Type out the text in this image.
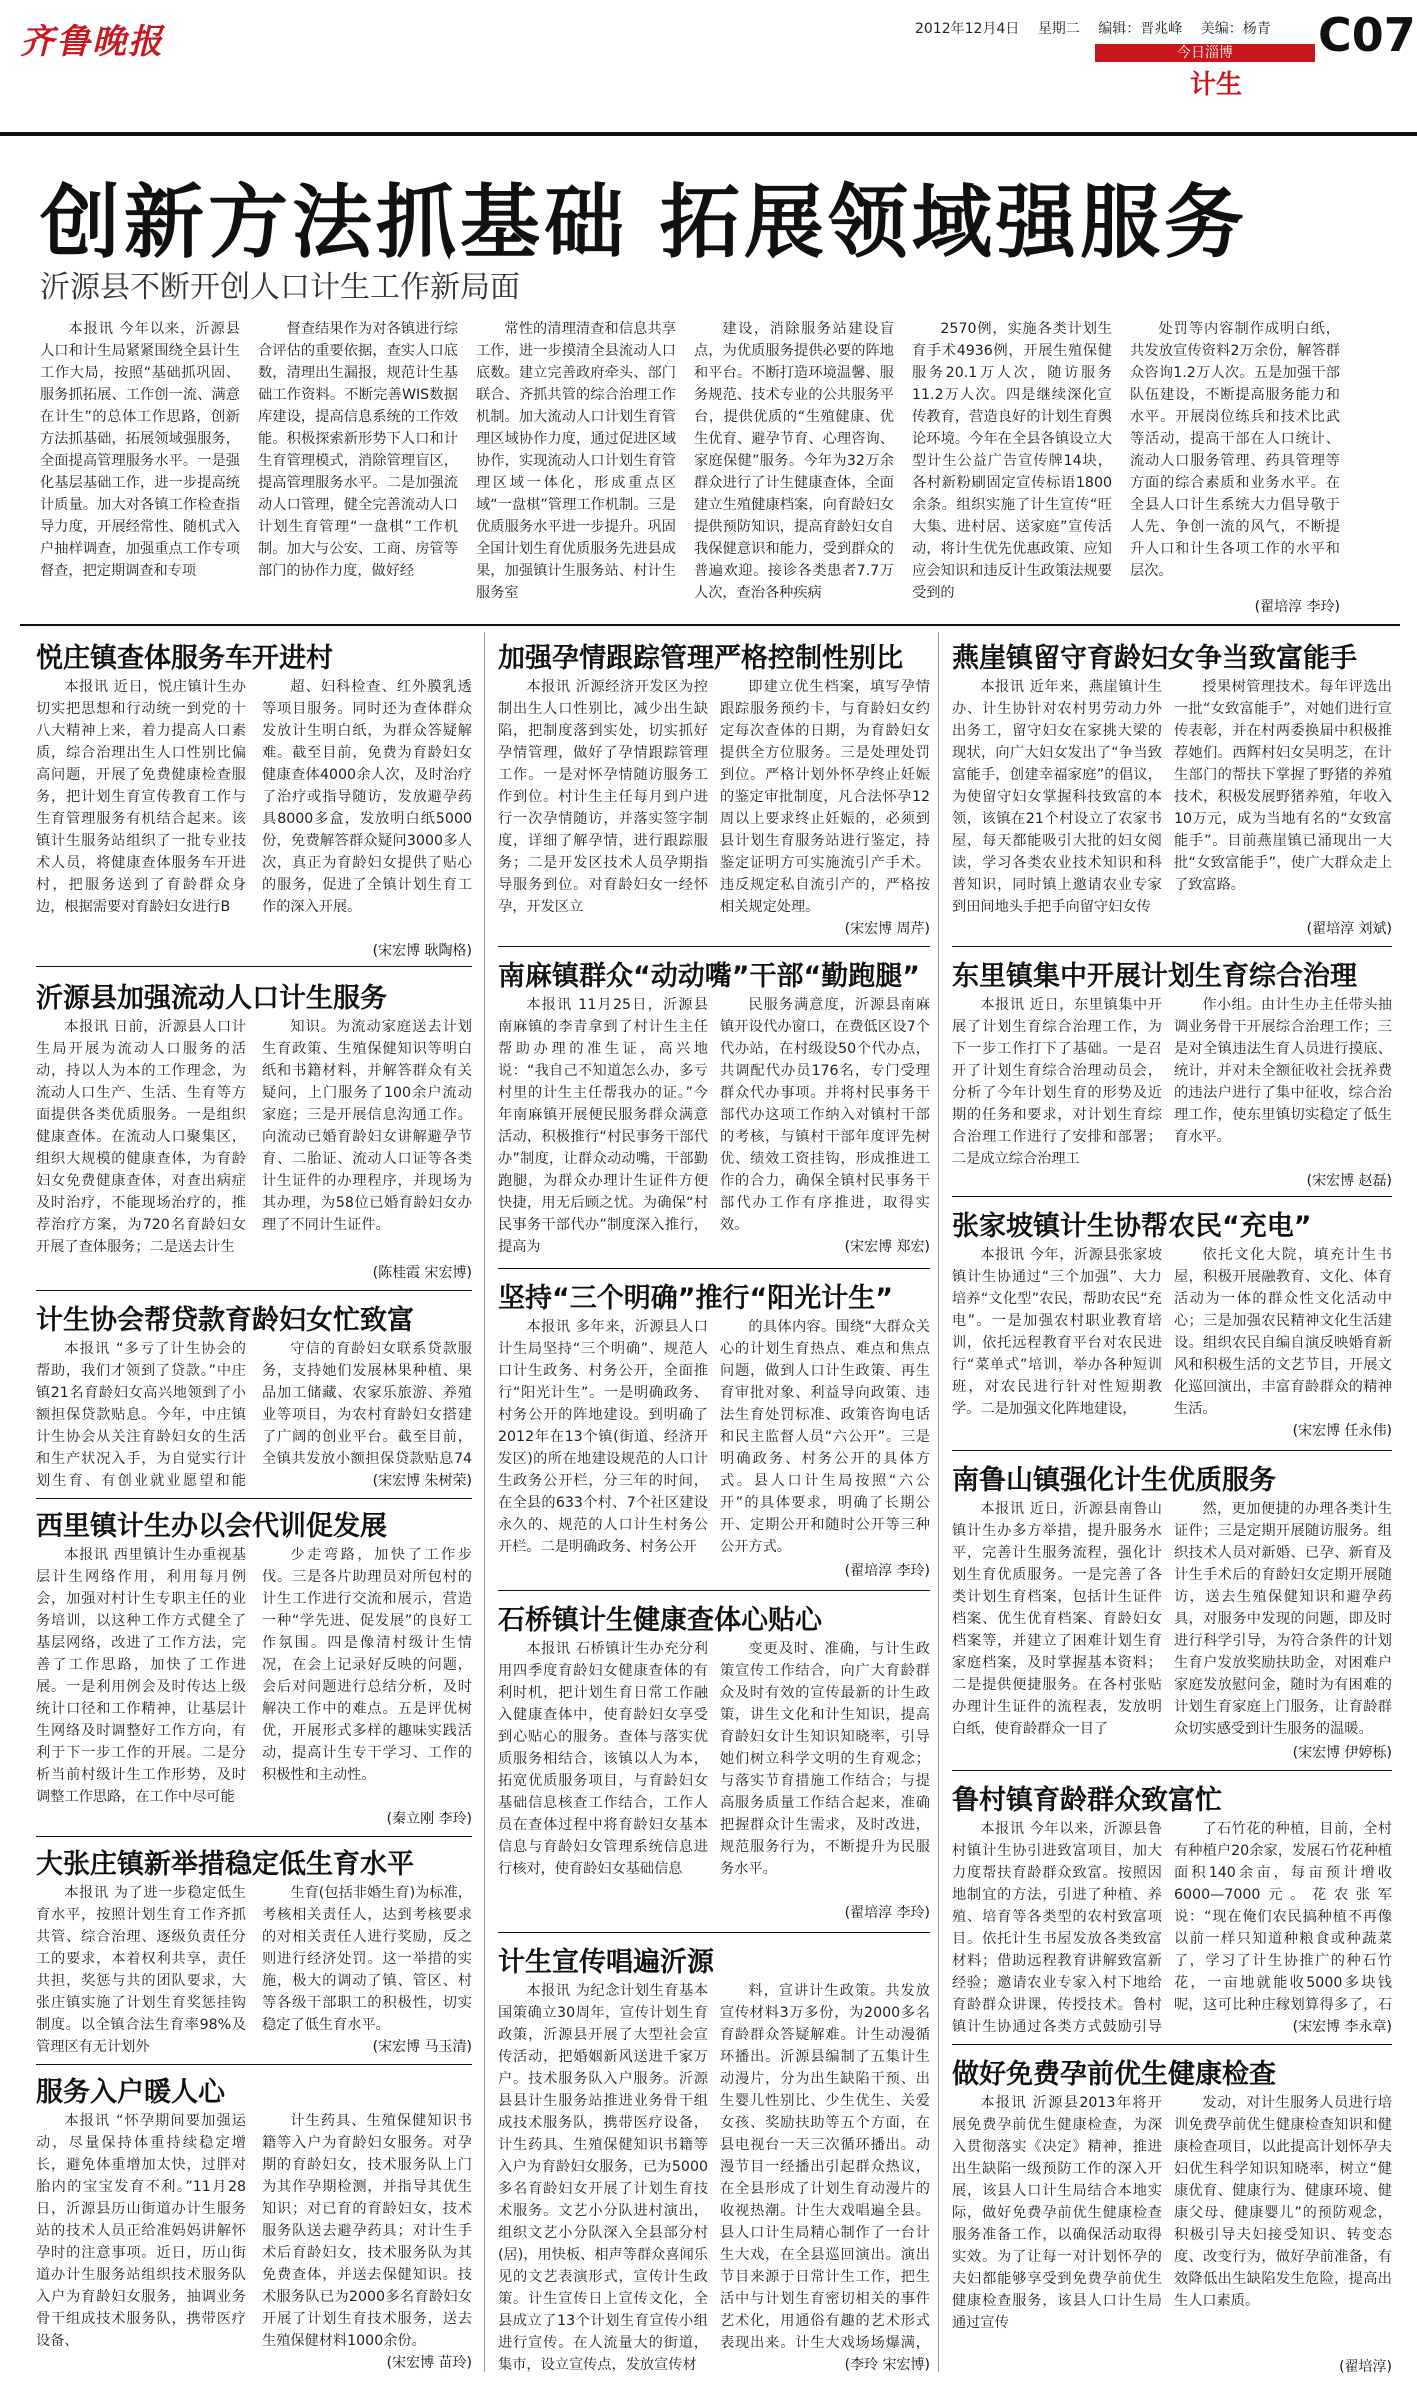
齐鲁晚报	2012年12月4日 星期二 编辑：晋兆峰 美编：杨青
今日淄博
计生
C07
创新方法抓基础 拓展领域强服务
沂源县不断开创人口计生工作新局面

本报讯 今年以来，沂源县人口和计生局紧紧围绕全县计生工作大局，按照“基础抓巩固、服务抓拓展、工作创一流、满意在计生”的总体工作思路，创新方法抓基础，拓展领域强服务，全面提高管理服务水平。一是强化基层基础工作，进一步提高统计质量。加大对各镇工作检查指导力度，开展经常性、随机式入户抽样调查，加强重点工作专项督查，把定期调查和专项

督查结果作为对各镇进行综合评估的重要依据，查实人口底数，清理出生漏报，规范计生基础工作资料。不断完善WIS数据库建设，提高信息系统的工作效能。积极探索新形势下人口和计生育管理模式，消除管理盲区，提高管理服务水平。二是加强流动人口管理，健全完善流动人口计划生育管理“一盘棋”工作机制。加大与公安、工商、房管等部门的协作力度，做好经

常性的清理清查和信息共享工作，进一步摸清全县流动人口底数。建立完善政府牵头、部门联合、齐抓共管的综合治理工作机制。加大流动人口计划生育管理区域协作力度，通过促进区域协作，实现流动人口计划生育管理区域一体化，形成重点区域“一盘棋”管理工作机制。三是优质服务水平进一步提升。巩固全国计划生育优质服务先进县成果，加强镇计生服务站、村计生服务室

建设，消除服务站建设盲点，为优质服务提供必要的阵地和平台。不断打造环境温馨、服务规范、技术专业的公共服务平台，提供优质的“生殖健康、优生优育、避孕节育、心理咨询、家庭保健”服务。今年为32万余群众进行了计生健康查体，全面建立生殖健康档案，向育龄妇女提供预防知识，提高育龄妇女自我保健意识和能力，受到群众的普遍欢迎。接诊各类患者7.7万人次，查治各种疾病

2570例，实施各类计划生育手术4936例，开展生殖保健服务20.1万人次，随访服务11.2万人次。四是继续深化宣传教育，营造良好的计划生育舆论环境。今年在全县各镇设立大型计生公益广告宣传牌14块，各村新粉刷固定宣传标语1800余条。组织实施了计生宣传“旺大集、进村居、送家庭”宣传活动，将计生优先优惠政策、应知应会知识和违反计生政策法规要受到的

处罚等内容制作成明白纸，共发放宣传资料2万余份，解答群众咨询1.2万人次。五是加强干部队伍建设，不断提高服务能力和水平。开展岗位练兵和技术比武等活动，提高干部在人口统计、流动人口服务管理、药具管理等方面的综合素质和业务水平。在全县人口计生系统大力倡导敬于人先、争创一流的风气，不断提升人口和计生各项工作的水平和层次。

(翟培淳 李玲)
悦庄镇查体服务车开进村

本报讯 近日，悦庄镇计生办切实把思想和行动统一到党的十八大精神上来，着力提高人口素质，综合治理出生人口性别比偏高问题，开展了免费健康检查服务，把计划生育宣传教育工作与生育管理服务有机结合起来。该镇计生服务站组织了一批专业技术人员，将健康查体服务车开进村，把服务送到了育龄群众身边，根据需要对育龄妇女进行B

超、妇科检查、红外膜乳透等项目服务。同时还为查体群众发放计生明白纸，为群众答疑解难。截至目前，免费为育龄妇女健康查体4000余人次，及时治疗了治疗或指导随访，发放避孕药具8000多盒，发放明白纸5000份，免费解答群众疑问3000多人次，真正为育龄妇女提供了贴心的服务，促进了全镇计划生育工作的深入开展。

(宋宏博 耿陶格)
沂源县加强流动人口计生服务

本报讯 日前，沂源县人口计生局开展为流动人口服务的活动，持以人为本的工作理念，为流动人口生产、生活、生育等方面提供各类优质服务。一是组织健康查体。在流动人口聚集区，组织大规模的健康查体，为育龄妇女免费健康查体，对查出病症及时治疗，不能现场治疗的，推荐治疗方案，为720名育龄妇女开展了查体服务；二是送去计生

知识。为流动家庭送去计划生育政策、生殖保健知识等明白纸和书籍材料，并解答群众有关疑问，上门服务了100余户流动家庭；三是开展信息沟通工作。向流动已婚育龄妇女讲解避孕节育、二胎证、流动人口证等各类计生证件的办理程序，并现场为其办理，为58位已婚育龄妇女办理了不同计生证件。

(陈桂霞 宋宏博)
计生协会帮贷款育龄妇女忙致富

本报讯 “多亏了计生协会的帮助，我们才领到了贷款。”中庄镇21名育龄妇女高兴地领到了小额担保贷款贴息。今年，中庄镇计生协会从关注育龄妇女的生活和生产状况入手，为自觉实行计划生育、有创业就业愿望和能

守信的育龄妇女联系贷款服务，支持她们发展林果种植、果品加工储藏、农家乐旅游、养殖业等项目，为农村育龄妇女搭建了广阔的创业平台。截至目前，全镇共发放小额担保贷款贴息74

(宋宏博 朱树荣)
西里镇计生办以会代训促发展

本报讯 西里镇计生办重视基层计生网络作用，利用每月例会，加强对村计生专职主任的业务培训，以这种工作方式健全了基层网络，改进了工作方法，完善了工作思路，加快了工作进展。一是利用例会及时传达上级统计口径和工作精神，让基层计生网络及时调整好工作方向，有利于下一步工作的开展。二是分析当前村级计生工作形势，及时调整工作思路，在工作中尽可能

少走弯路，加快了工作步伐。三是各片助理员对所包村的计生工作进行交流和展示，营造一种“学先进、促发展”的良好工作氛围。四是像清村级计生情况，在会上记录好反映的问题，会后对问题进行总结分析，及时解决工作中的难点。五是评优树优，开展形式多样的趣味实践活动，提高计生专干学习、工作的积极性和主动性。

(秦立刚 李玲)
大张庄镇新举措稳定低生育水平

本报讯 为了进一步稳定低生育水平，按照计划生育工作齐抓共管、综合治理、逐级负责任分工的要求，本着权利共享，责任共担，奖惩与共的团队要求，大张庄镇实施了计划生育奖惩挂钩制度。以全镇合法生育率98%及管理区有无计划外

生育(包括非婚生育)为标准，考核相关责任人，达到考核要求的对相关责任人进行奖励，反之则进行经济处罚。这一举措的实施，极大的调动了镇、管区、村等各级干部职工的积极性，切实稳定了低生育水平。

(宋宏博 马玉清)
服务入户暖人心

本报讯 “怀孕期间要加强运动，尽量保持体重持续稳定增长，避免体重增加太快，过胖对胎内的宝宝发育不利。”11月28日，沂源县历山街道办计生服务站的技术人员正给准妈妈讲解怀孕时的注意事项。近日，历山街道办计生服务站组织技术服务队入户为育龄妇女服务，抽调业务骨干组成技术服务队，携带医疗设备、

计生药具、生殖保健知识书籍等入户为育龄妇女服务。对孕期的育龄妇女，技术服务队上门为其作孕期检测，并指导其优生知识；对已育的育龄妇女，技术服务队送去避孕药具；对计生手术后育龄妇女，技术服务队为其免费查体，并送去保健知识。技术服务队已为2000多名育龄妇女开展了计划生育技术服务，送去生殖保健材料1000余份。

(宋宏博 苗玲)
加强孕情跟踪管理严格控制性别比

本报讯 沂源经济开发区为控制出生人口性别比，减少出生缺陷，把制度落到实处，切实抓好孕情管理，做好了孕情跟踪管理工作。一是对怀孕情随访服务工作到位。村计生主任每月到户进行一次孕情随访，并落实签字制度，详细了解孕情，进行跟踪服务；二是开发区技术人员孕期指导服务到位。对育龄妇女一经怀孕，开发区立

即建立优生档案，填写孕情跟踪服务预约卡，与育龄妇女约定每次查体的日期，为育龄妇女提供全方位服务。三是处理处罚到位。严格计划外怀孕终止妊娠的鉴定审批制度，凡合法怀孕12周以上要求终止妊娠的，必须到县计划生育服务站进行鉴定，持鉴定证明方可实施流引产手术。违反规定私自流引产的，严格按相关规定处理。

(宋宏博 周芹)
南麻镇群众“动动嘴”干部“勤跑腿”

本报讯 11月25日，沂源县南麻镇的李青拿到了村计生主任帮助办理的准生证，高兴地说：“我自己不知道怎么办，多亏村里的计生主任帮我办的证。”今年南麻镇开展便民服务群众满意活动，积极推行“村民事务干部代办”制度，让群众动动嘴，干部勤跑腿，为群众办理计生证件方便快捷，用无后顾之忧。为确保“村民事务干部代办”制度深入推行，提高为

民服务满意度，沂源县南麻镇开设代办窗口，在费低区设7个代办站，在村级设50个代办点，共调配代办员176名，专门受理群众代办事项。并将村民事务干部代办这项工作纳入对镇村干部的考核，与镇村干部年度评先树优、绩效工资挂钩，形成推进工作的合力，确保全镇村民事务干部代办工作有序推进，取得实效。

(宋宏博 郑宏)
坚持“三个明确”推行“阳光计生”

本报讯 多年来，沂源县人口计生局坚持“三个明确”、规范人口计生政务、村务公开，全面推行“阳光计生”。一是明确政务、村务公开的阵地建设。到明确了2012年在13个镇(街道、经济开发区)的所在地建设规范的人口计生政务公开栏，分三年的时间，在全县的633个村、7个社区建设永久的、规范的人口计生村务公开栏。二是明确政务、村务公开

的具体内容。围绕“大群众关心的计划生育热点、难点和焦点问题，做到人口计生政策、再生育审批对象、利益导向政策、违法生育处罚标准、政策咨询电话和民主监督人员“六公开”。三是明确政务、村务公开的具体方式。县人口计生局按照“六公开”的具体要求，明确了长期公开、定期公开和随时公开等三种公开方式。

(翟培淳 李玲)
石桥镇计生健康查体心贴心

本报讯 石桥镇计生办充分利用四季度育龄妇女健康查体的有利时机，把计划生育日常工作融入健康查体中，使育龄妇女享受到心贴心的服务。查体与落实优质服务相结合，该镇以人为本，拓宽优质服务项目，与育龄妇女基础信息核查工作结合，工作人员在查体过程中将育龄妇女基本信息与育龄妇女管理系统信息进行核对，使育龄妇女基础信息

变更及时、准确，与计生政策宣传工作结合，向广大育龄群众及时有效的宣传最新的计生政策，讲生文化和计生知识，提高育龄妇女计生知识知晓率，引导她们树立科学文明的生育观念；与落实节育措施工作结合；与提高服务质量工作结合起来，准确把握群众计生需求，及时改进，规范服务行为，不断提升为民服务水平。

(翟培淳 李玲)
计生宣传唱遍沂源

本报讯 为纪念计划生育基本国策确立30周年，宣传计划生育政策，沂源县开展了大型社会宣传活动，把婚姻新风送进千家万户。技术服务队入户服务。沂源县县计生服务站推进业务骨干组成技术服务队，携带医疗设备，计生药具、生殖保健知识书籍等入户为育龄妇女服务，已为5000多名育龄妇女开展了计划生育技术服务。文艺小分队进村演出，组织文艺小分队深入全县部分村(居)，用快板、相声等群众喜闻乐见的文艺表演形式，宣传计生政策。计生宣传日上宣传文化，全县成立了13个计划生育宣传小组进行宣传。在人流量大的街道，集市，设立宣传点，发放宣传材

料，宣讲计生政策。共发放宣传材料3万多份，为2000多名育龄群众答疑解难。计生动漫循环播出。沂源县编制了五集计生动漫片，分为出生缺陷干预、出生婴儿性别比、少生优生、关爱女孩、奖励扶助等五个方面，在县电视台一天三次循环播出。动漫节目一经播出引起群众热议，在全县形成了计划生育动漫片的收视热潮。计生大戏唱遍全县。县人口计生局精心制作了一台计生大戏，在全县巡回演出。演出节目来源于日常计生工作，把生活中与计划生育密切相关的事件艺术化，用通俗有趣的艺术形式表现出来。计生大戏场场爆满，

(李玲 宋宏博)
燕崖镇留守育龄妇女争当致富能手

本报讯 近年来，燕崖镇计生办、计生协针对农村男劳动力外出务工，留守妇女在家挑大梁的现状，向广大妇女发出了“争当致富能手，创建幸福家庭”的倡议，为使留守妇女掌握科技致富的本领，该镇在21个村设立了农家书屋，每天都能吸引大批的妇女阅读，学习各类农业技术知识和科普知识，同时镇上邀请农业专家到田间地头手把手向留守妇女传

授果树管理技术。每年评选出一批“女致富能手”，对她们进行宣传表彰，并在村两委换届中积极推荐她们。西辉村妇女吴明芝，在计生部门的帮扶下掌握了野猪的养殖技术，积极发展野猪养殖，年收入10万元，成为当地有名的“女致富能手”。目前燕崖镇已涌现出一大批“女致富能手”，使广大群众走上了致富路。

(翟培淳 刘斌)
东里镇集中开展计划生育综合治理

本报讯 近日，东里镇集中开展了计划生育综合治理工作，为下一步工作打下了基础。一是召开了计划生育综合治理动员会，分析了今年计划生育的形势及近期的任务和要求，对计划生育综合治理工作进行了安排和部署；二是成立综合治理工

作小组。由计生办主任带头抽调业务骨干开展综合治理工作；三是对全镇违法生育人员进行摸底、统计，并对未全额征收社会抚养费的违法户进行了集中征收，综合治理工作，使东里镇切实稳定了低生育水平。

(宋宏博 赵磊)
张家坡镇计生协帮农民“充电”

本报讯 今年，沂源县张家坡镇计生协通过“三个加强”、大力培养“文化型”农民，帮助农民“充电”。一是加强农村职业教育培训，依托远程教育平台对农民进行“菜单式”培训，举办各种短训班，对农民进行针对性短期教学。二是加强文化阵地建设，

依托文化大院，填充计生书屋，积极开展融教育、文化、体育活动为一体的群众性文化活动中心；三是加强农民精神文化生活建设。组织农民自编自演反映婚育新风和积极生活的文艺节目，开展文化巡回演出，丰富育龄群众的精神生活。

(宋宏博 任永伟)
南鲁山镇强化计生优质服务

本报讯 近日，沂源县南鲁山镇计生办多方举措，提升服务水平，完善计生服务流程，强化计划生育优质服务。一是完善了各类计划生育档案，包括计生证件档案、优生优育档案、育龄妇女档案等，并建立了困难计划生育家庭档案，及时掌握基本资料；二是提供便捷服务。在各村张贴办理计生证件的流程表，发放明白纸，使育龄群众一目了

然，更加便捷的办理各类计生证件；三是定期开展随访服务。组织技术人员对新婚、已孕、新育及计生手术后的育龄妇女定期开展随访，送去生殖保健知识和避孕药具，对服务中发现的问题，即及时进行科学引导，为符合条件的计划生育户发放奖励扶助金，对困难户家庭发放慰问金，随时为有困难的计划生育家庭上门服务，让育龄群众切实感受到计生服务的温暖。

(宋宏博 伊婷栎)
鲁村镇育龄群众致富忙

本报讯 今年以来，沂源县鲁村镇计生协引进致富项目，加大力度帮扶育龄群众致富。按照因地制宜的方法，引进了种植、养殖、培育等各类型的农村致富项目。依托计生书屋发放各类致富材料；借助远程教育讲解致富新经验；邀请农业专家入村下地给育龄群众讲课，传授技术。鲁村镇计生协通过各类方式鼓励引导

了石竹花的种植，目前，全村有种植户20余家，发展石竹花种植面积140余亩，每亩预计增收6000—7000元。花农张军说：“现在俺们农民搞种植不再像以前一样只知道种粮食或种蔬菜了，学习了计生协推广的种石竹花，一亩地就能收5000多块钱呢，这可比种庄稼划算得多了，石

(宋宏博 李永章)
做好免费孕前优生健康检查

本报讯 沂源县2013年将开展免费孕前优生健康检查，为深入贯彻落实《决定》精神，推进出生缺陷一级预防工作的深入开展，该县人口计生局结合本地实际，做好免费孕前优生健康检查服务准备工作，以确保活动取得实效。为了让每一对计划怀孕的夫妇都能够享受到免费孕前优生健康检查服务，该县人口计生局通过宣传

发动，对计生服务人员进行培训免费孕前优生健康检查知识和健康检查项目，以此提高计划怀孕夫妇优生科学知识知晓率，树立“健康优育、健康行为、健康环境、健康父母、健康婴儿”的预防观念，积极引导夫妇接受知识、转变态度、改变行为，做好孕前准备，有效降低出生缺陷发生危险，提高出生人口素质。

(翟培淳)
